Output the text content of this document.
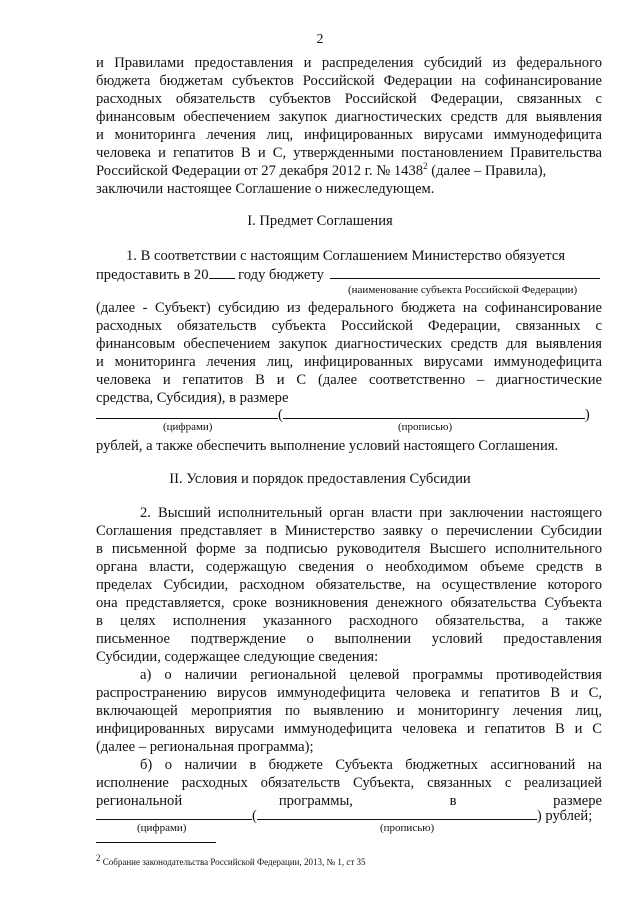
2
и Правилами предоставления и распределения субсидий из федерального
бюджета бюджетам субъектов Российской Федерации на софинансирование
расходных обязательств субъектов Российской Федерации, связанных с
финансовым обеспечением закупок диагностических средств для выявления
и мониторинга лечения лиц, инфицированных вирусами иммунодефицита
человека и гепатитов В и С, утвержденными постановлением Правительства
Российской Федерации от 27 декабря 2012 г. № 1438$^2$ (далее – Правила),
заключили настоящее Соглашение о нижеследующем.
I. Предмет Соглашения
1. В соответствии с настоящим Соглашением Министерство обязуется
предоставить в 20 году бюджету
(наименование субъекта Российской Федерации)
(далее - Субъект) субсидию из федерального бюджета на софинансирование
расходных обязательств субъекта Российской Федерации, связанных с
финансовым обеспечением закупок диагностических средств для выявления
и мониторинга лечения лиц, инфицированных вирусами иммунодефицита
человека и гепатитов В и С (далее соответственно – диагностические
средства, Субсидия), в размере
(	)
(цифрами)	(прописью)
рублей, а также обеспечить выполнение условий настоящего Соглашения.
II. Условия и порядок предоставления Субсидии
2. Высший исполнительный орган власти при заключении настоящего
Соглашения представляет в Министерство заявку о перечислении Субсидии
в письменной форме за подписью руководителя Высшего исполнительного
органа власти, содержащую сведения о необходимом объеме средств в
пределах Субсидии, расходном обязательстве, на осуществление которого
она представляется, сроке возникновения денежного обязательства Субъекта
в целях исполнения указанного расходного обязательства, а также
письменное подтверждение о выполнении условий предоставления
Субсидии, содержащее следующие сведения:
а) о наличии региональной целевой программы противодействия
распространению вирусов иммунодефицита человека и гепатитов В и С,
включающей мероприятия по выявлению и мониторингу лечения лиц,
инфицированных вирусами иммунодефицита человека и гепатитов В и С
(далее – региональная программа);
б) о наличии в бюджете Субъекта бюджетных ассигнований на
исполнение расходных обязательств Субъекта, связанных с реализацией
региональной	программы,	в	размере
(	) рублей;
(цифрами)	(прописью)
$^2$ Собрание законодательства Российской Федерации, 2013, № 1, ст 35
